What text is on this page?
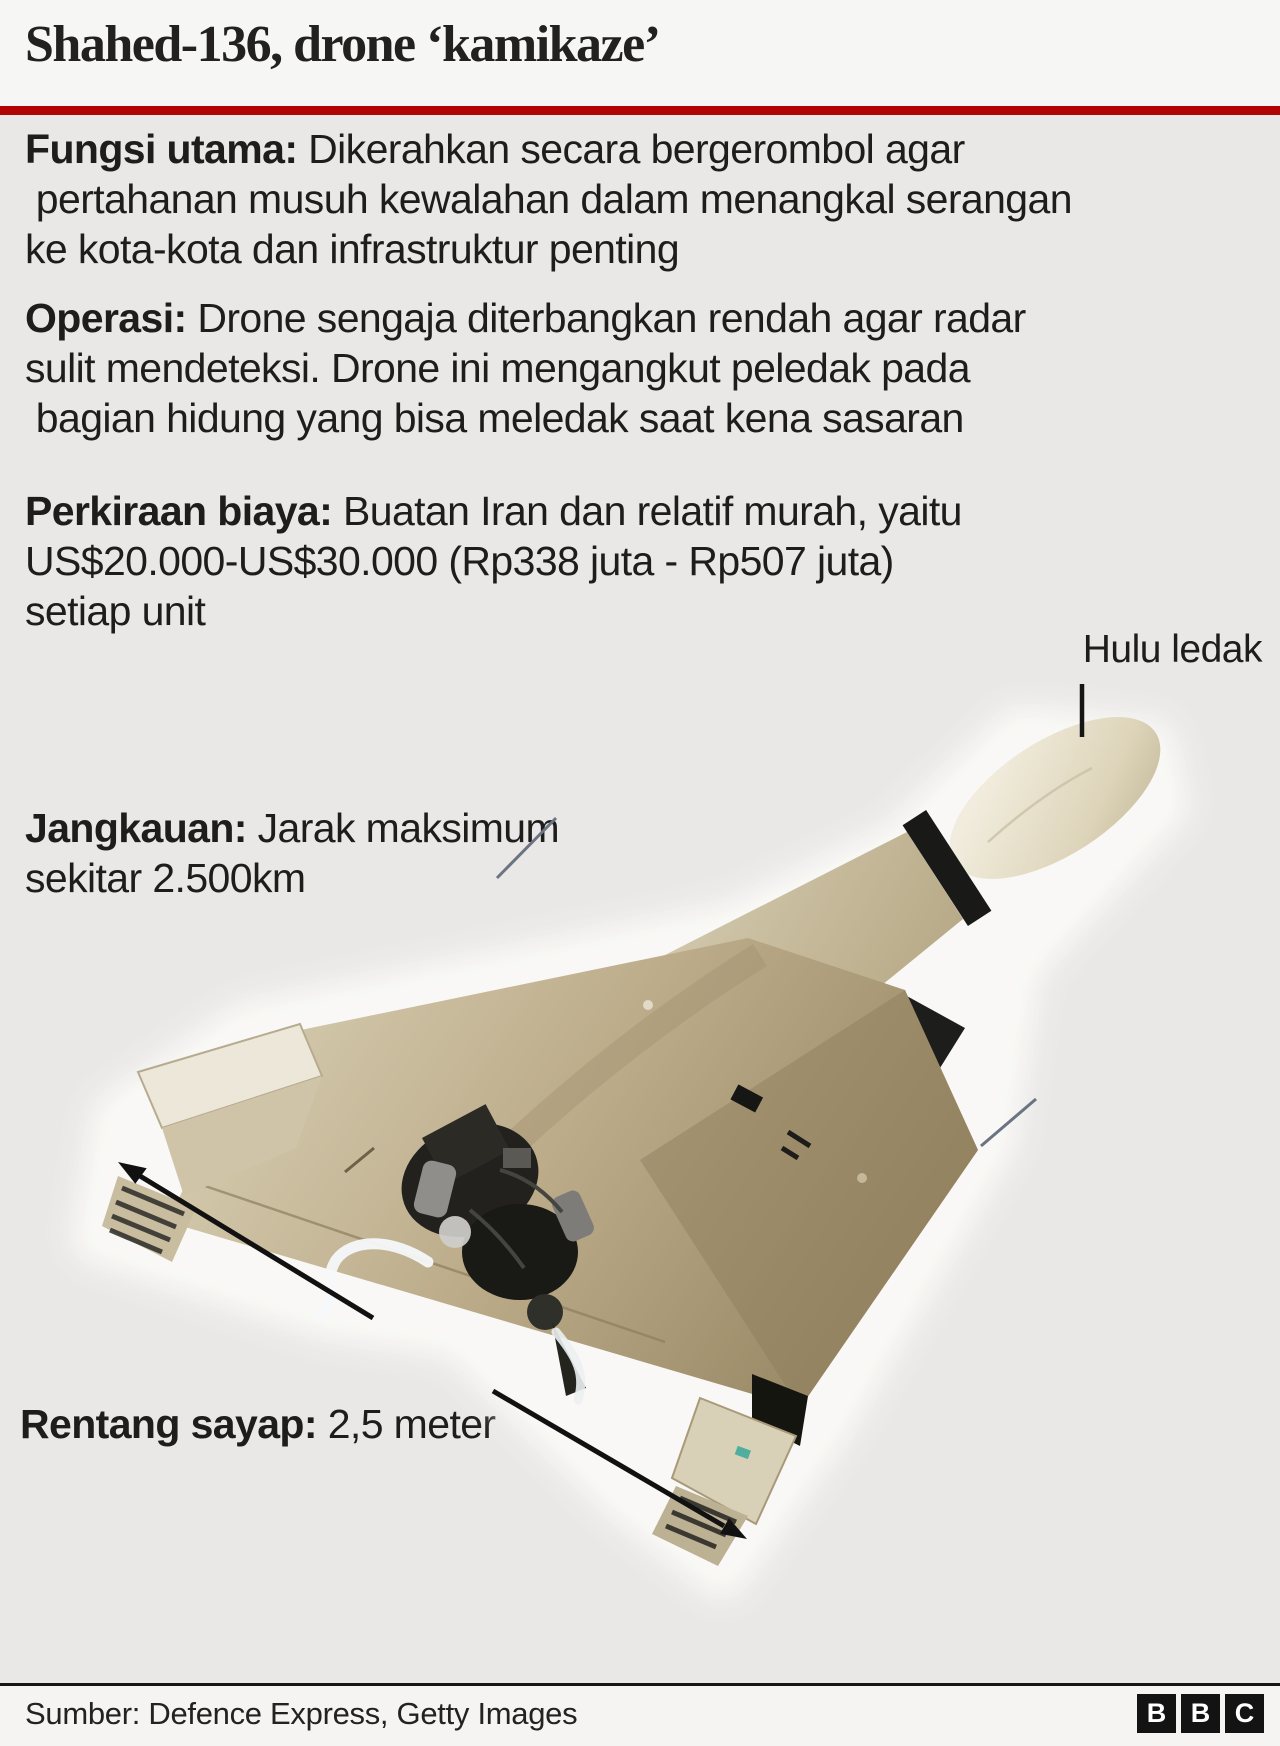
Shahed-136, drone ‘kamikaze’
Fungsi utama: Dikerahkan secara bergerombol agar
pertahanan musuh kewalahan dalam menangkal serangan
ke kota-kota dan infrastruktur penting
Operasi: Drone sengaja diterbangkan rendah agar radar
sulit mendeteksi. Drone ini mengangkut peledak pada
bagian hidung yang bisa meledak saat kena sasaran
Perkiraan biaya: Buatan Iran dan relatif murah, yaitu
US$20.000-US$30.000 (Rp338 juta - Rp507 juta)
setiap unit
Hulu ledak
Jangkauan: Jarak maksimum
sekitar 2.500km
Rentang sayap: 2,5 meter
Sumber: Defence Express, Getty Images	B B C
